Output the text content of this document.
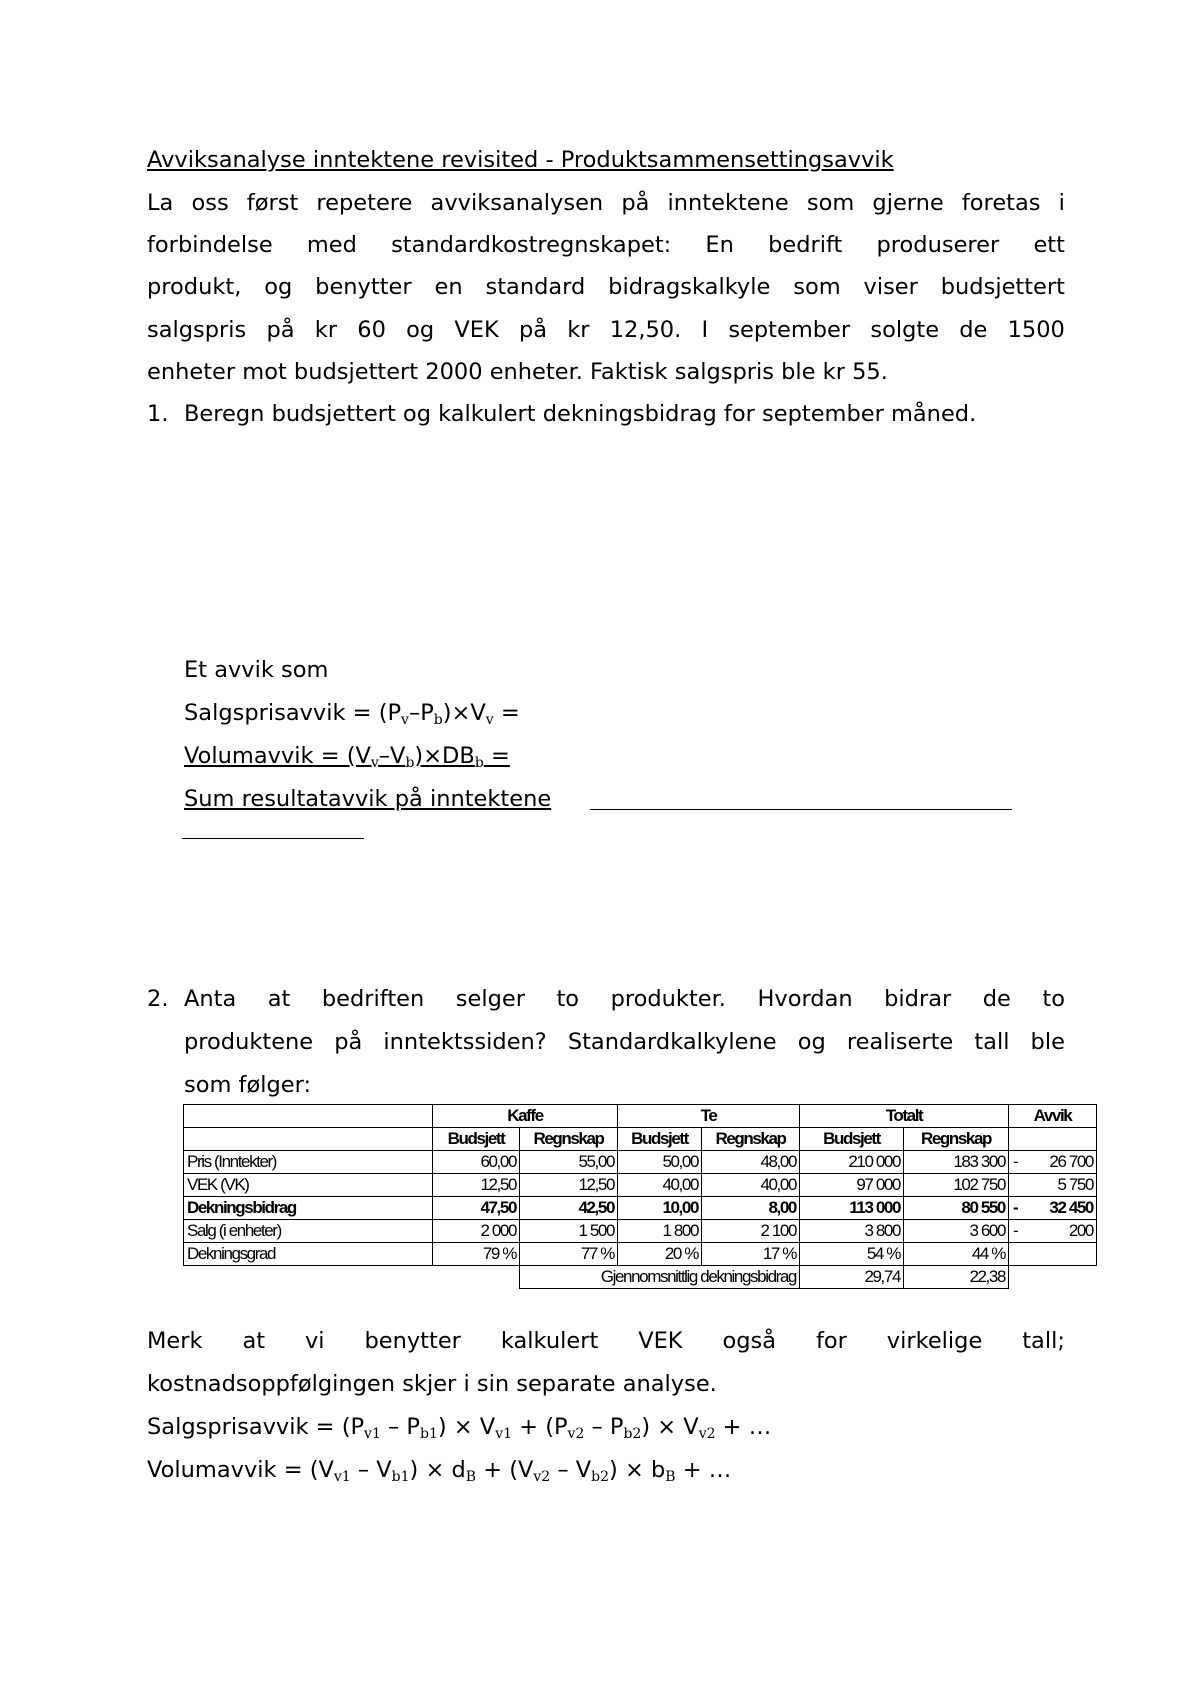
Avviksanalyse inntektene revisited - Produktsammensettingsavvik
La oss først repetere avviksanalysen på inntektene som gjerne foretas i
forbindelse med standardkostregnskapet: En bedrift produserer ett
produkt, og benytter en standard bidragskalkyle som viser budsjettert
salgspris på kr 60 og VEK på kr 12,50. I september solgte de 1500
enheter mot budsjettert 2000 enheter. Faktisk salgspris ble kr 55.
1. Beregn budsjettert og kalkulert dekningsbidrag for september måned.
Et avvik som
Salgsprisavvik = $(P_v-P_b)\times V_v$ =
Volumavvik = $(V_v-V_b)\times DB_b$ =
Sum resultatavvik på inntektene
2. Anta at bedriften selger to produkter. Hvordan bidrar de to
produktene på inntektssiden? Standardkalkylene og realiserte tall ble
som følger:
	Kaffe		Te		Totalt		Avvik
	Budsjett	Regnskap	Budsjett	Regnskap	Budsjett	Regnskap	
Pris (Inntekter)	60,00	55,00	50,00	48,00	210 000	183 300	- 26 700
VEK (VK)	12,50	12,50	40,00	40,00	97 000	102 750	5 750
Dekningsbidrag	47,50	42,50	10,00	8,00	113 000	80 550	- 32 450
Salg (i enheter)	2 000	1 500	1 800	2 100	3 800	3 600	- 200
Dekningsgrad	79 %	77 %	20 %	17 %	54 %	44 %	

		Gjennomsnittlig dekningsbidrag			29,74	22,38	
Merk at vi benytter kalkulert VEK også for virkelige tall;
kostnadsoppfølgingen skjer i sin separate analyse.
Salgsprisavvik = $(P_{v1} - P_{b1}) \times V_{v1} + (P_{v2} - P_{b2}) \times V_{v2}$ + …
Volumavvik = $(V_{v1} - V_{b1}) \times d_B + (V_{v2} - V_{b2}) \times b_B$ + …
